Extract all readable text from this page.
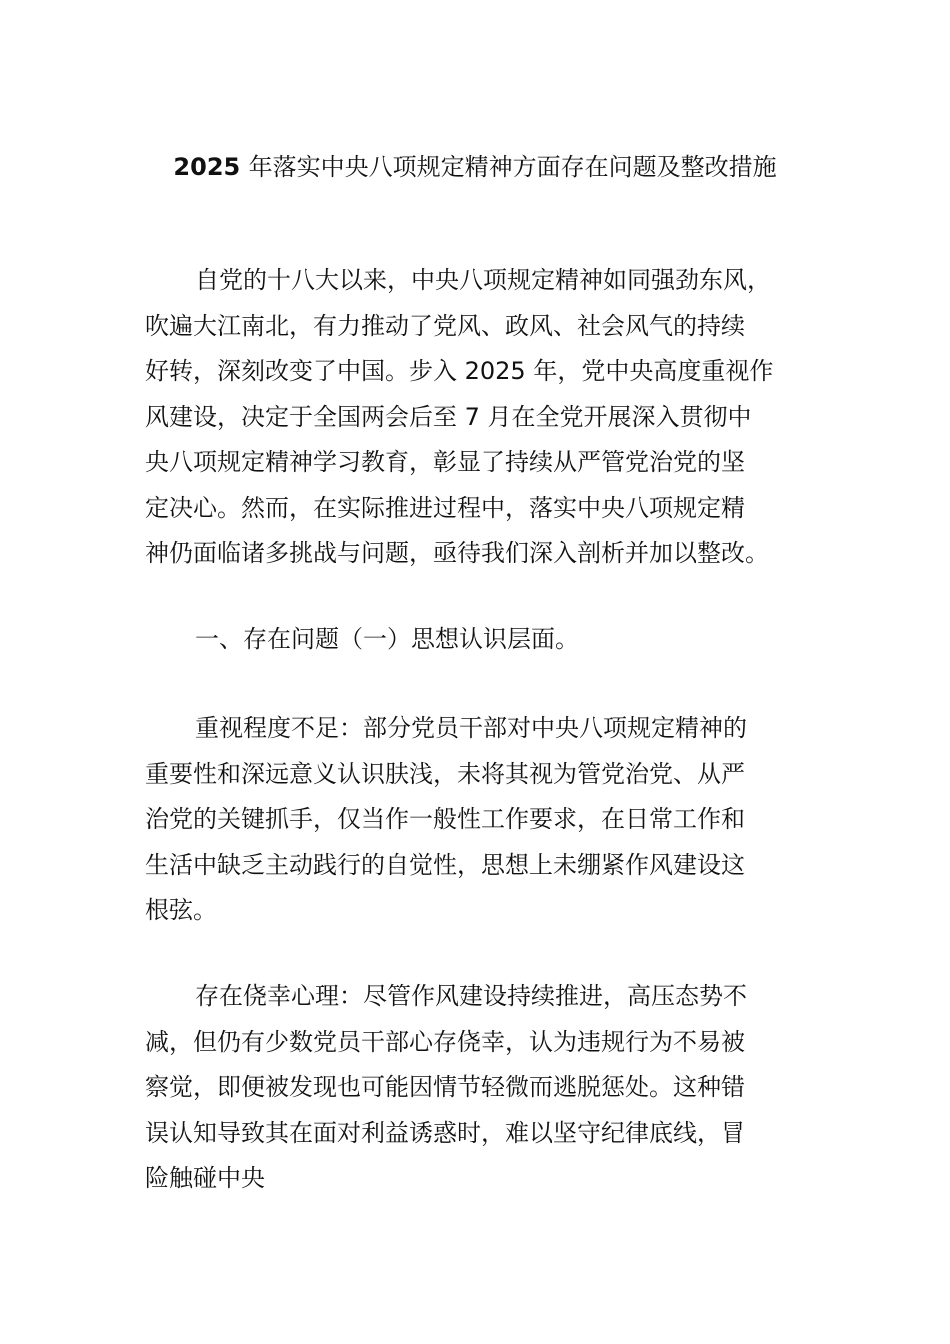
2025 年落实中央八项规定精神方面存在问题及整改措施

自党的十八大以来，中央八项规定精神如同强劲东风，
吹遍大江南北，有力推动了党风、政风、社会风气的持续
好转，深刻改变了中国。步入 2025 年，党中央高度重视作
风建设，决定于全国两会后至 7 月在全党开展深入贯彻中
央八项规定精神学习教育，彰显了持续从严管党治党的坚
定决心。然而，在实际推进过程中，落实中央八项规定精
神仍面临诸多挑战与问题，亟待我们深入剖析并加以整改。

一、存在问题（一）思想认识层面。

重视程度不足：部分党员干部对中央八项规定精神的
重要性和深远意义认识肤浅，未将其视为管党治党、从严
治党的关键抓手，仅当作一般性工作要求，在日常工作和
生活中缺乏主动践行的自觉性，思想上未绷紧作风建设这
根弦。

存在侥幸心理：尽管作风建设持续推进，高压态势不
减，但仍有少数党员干部心存侥幸，认为违规行为不易被
察觉，即便被发现也可能因情节轻微而逃脱惩处。这种错
误认知导致其在面对利益诱惑时，难以坚守纪律底线，冒
险触碰中央
